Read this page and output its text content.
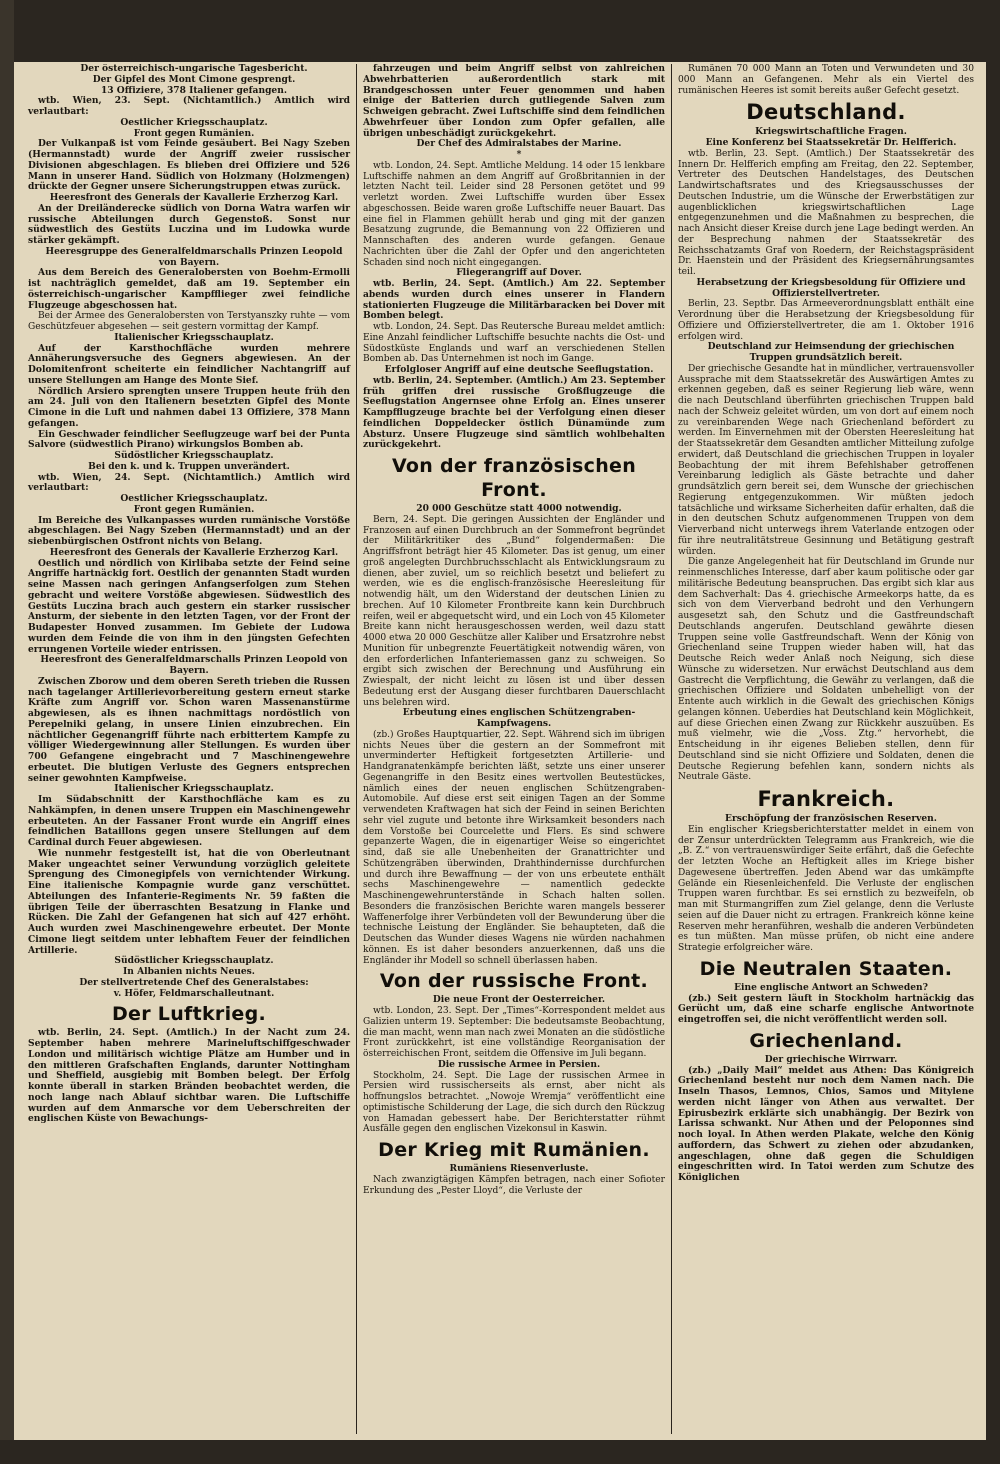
Der österreichisch-ungarische Tagesbericht.

Der Gipfel des Mont Cimone gesprengt.

13 Offiziere, 378 Italiener gefangen.

wtb. Wien, 23. Sept. (Nichtamtlich.) Amtlich wird verlautbart:

Oestlicher Kriegsschauplatz.

Front gegen Rumänien.

Der Vulkanpaß ist vom Feinde gesäubert. Bei Nagy Szeben (Hermannstadt) wurde der Angriff zweier russischer Divisionen abgeschlagen. Es blieben drei Offiziere und 526 Mann in unserer Hand. Südlich von Holzmany (Holzmengen) drückte der Gegner unsere Sicherungstruppen etwas zurück.

Heeresfront des Generals der Kavallerie Erzherzog Karl.

An der Dreiländerecke südlich von Dorna Watra warfen wir russische Abteilungen durch Gegenstoß. Sonst nur südwestlich des Gestüts Luczina und im Ludowka wurde stärker gekämpft.

Heeresgruppe des Generalfeldmarschalls Prinzen Leopold von Bayern.

Aus dem Bereich des Generalobersten von Boehm-Ermolli ist nachträglich gemeldet, daß am 19. September ein österreichisch-ungarischer Kampfflieger zwei feindliche Flugzeuge abgeschossen hat.

Bei der Armee des Generalobersten von Terstyanszky ruhte — vom Geschützfeuer abgesehen — seit gestern vormittag der Kampf.

Italienischer Kriegsschauplatz.

Auf der Karsthochfläche wurden mehrere Annäherungsversuche des Gegners abgewiesen. An der Dolomitenfront scheiterte ein feindlicher Nachtangriff auf unsere Stellungen am Hange des Monte Sief.

Nördlich Arsiero sprengten unsere Truppen heute früh den am 24. Juli von den Italienern besetzten Gipfel des Monte Cimone in die Luft und nahmen dabei 13 Offiziere, 378 Mann gefangen.

Ein Geschwader feindlicher Seeflugzeuge warf bei der Punta Salvore (südwestlich Pirano) wirkungslos Bomben ab.

Südöstlicher Kriegsschauplatz.

Bei den k. und k. Truppen unverändert.

wtb. Wien, 24. Sept. (Nichtamtlich.) Amtlich wird verlautbart:

Oestlicher Kriegsschauplatz.

Front gegen Rumänien.

Im Bereiche des Vulkanpasses wurden rumänische Vorstöße abgeschlagen. Bei Nagy Szeben (Hermannstadt) und an der siebenbürgischen Ostfront nichts von Belang.

Heeresfront des Generals der Kavallerie Erzherzog Karl.

Oestlich und nördlich von Kirlibaba setzte der Feind seine Angriffe hartnäckig fort. Oestlich der genannten Stadt wurden seine Massen nach geringen Anfangserfolgen zum Stehen gebracht und weitere Vorstöße abgewiesen. Südwestlich des Gestüts Luczina brach auch gestern ein starker russischer Ansturm, der siebente in den letzten Tagen, vor der Front der Budapester Honved zusammen. Im Gebiete der Ludowa wurden dem Feinde die von ihm in den jüngsten Gefechten errungenen Vorteile wieder entrissen.

Heeresfront des Generalfeldmarschalls Prinzen Leopold von Bayern.

Zwischen Zborow und dem oberen Sereth trieben die Russen nach tagelanger Artillerievorbereitung gestern erneut starke Kräfte zum Angriff vor. Schon waren Massenanstürme abgewiesen, als es ihnen nachmittags nordöstlich von Perepelniki gelang, in unsere Linien einzubrechen. Ein nächtlicher Gegenangriff führte nach erbittertem Kampfe zu völliger Wiedergewinnung aller Stellungen. Es wurden über 700 Gefangene eingebracht und 7 Maschinengewehre erbeutet. Die blutigen Verluste des Gegners entsprechen seiner gewohnten Kampfweise.

Italienischer Kriegsschauplatz.

Im Südabschnitt der Karsthochfläche kam es zu Nahkämpfen, in denen unsere Truppen ein Maschinengewehr erbeuteten. An der Fassaner Front wurde ein Angriff eines feindlichen Bataillons gegen unsere Stellungen auf dem Cardinal durch Feuer abgewiesen.

Wie nunmehr festgestellt ist, hat die von Oberleutnant Maker ungeachtet seiner Verwundung vorzüglich geleitete Sprengung des Cimonegipfels von vernichtender Wirkung. Eine italienische Kompagnie wurde ganz verschüttet. Abteilungen des Infanterie-Regiments Nr. 59 faßten die übrigen Teile der überraschten Besatzung in Flanke und Rücken. Die Zahl der Gefangenen hat sich auf 427 erhöht. Auch wurden zwei Maschinengewehre erbeutet. Der Monte Cimone liegt seitdem unter lebhaftem Feuer der feindlichen Artillerie.

Südöstlicher Kriegsschauplatz.

In Albanien nichts Neues.

Der stellvertretende Chef des Generalstabes:

v. Höfer, Feldmarschalleutnant.

Der Luftkrieg.

wtb. Berlin, 24. Sept. (Amtlich.) In der Nacht zum 24. September haben mehrere Marineluftschiffgeschwader London und militärisch wichtige Plätze am Humber und in den mittleren Grafschaften Englands, darunter Nottingham und Sheffield, ausgiebig mit Bomben belegt. Der Erfolg konnte überall in starken Bränden beobachtet werden, die noch lange nach Ablauf sichtbar waren. Die Luftschiffe wurden auf dem Anmarsche vor dem Ueberschreiten der englischen Küste von Bewachungs-

fahrzeugen und beim Angriff selbst von zahlreichen Abwehrbatterien außerordentlich stark mit Brandgeschossen unter Feuer genommen und haben einige der Batterien durch gutliegende Salven zum Schweigen gebracht. Zwei Luftschiffe sind dem feindlichen Abwehrfeuer über London zum Opfer gefallen, alle übrigen unbeschädigt zurückgekehrt.

Der Chef des Admiralstabes der Marine.

*

wtb. London, 24. Sept. Amtliche Meldung. 14 oder 15 lenkbare Luftschiffe nahmen an dem Angriff auf Großbritannien in der letzten Nacht teil. Leider sind 28 Personen getötet und 99 verletzt worden. Zwei Luftschiffe wurden über Essex abgeschossen. Beide waren große Luftschiffe neuer Bauart. Das eine fiel in Flammen gehüllt herab und ging mit der ganzen Besatzung zugrunde, die Bemannung von 22 Offizieren und Mannschaften des anderen wurde gefangen. Genaue Nachrichten über die Zahl der Opfer und den angerichteten Schaden sind noch nicht eingegangen.

Fliegerangriff auf Dover.

wtb. Berlin, 24. Sept. (Amtlich.) Am 22. September abends wurden durch eines unserer in Flandern stationierten Flugzeuge die Militärbaracken bei Dover mit Bomben belegt.

wtb. London, 24. Sept. Das Reutersche Bureau meldet amtlich: Eine Anzahl feindlicher Luftschiffe besuchte nachts die Ost- und Südostküste Englands und warf an verschiedenen Stellen Bomben ab. Das Unternehmen ist noch im Gange.

Erfolgloser Angriff auf eine deutsche Seeflugstation.

wtb. Berlin, 24. September. (Amtlich.) Am 23. September früh griffen drei russische Großflugzeuge die Seeflugstation Angernsee ohne Erfolg an. Eines unserer Kampfflugzeuge brachte bei der Verfolgung einen dieser feindlichen Doppeldecker östlich Dünamünde zum Absturz. Unsere Flugzeuge sind sämtlich wohlbehalten zurückgekehrt.

Von der französischen Front.

20 000 Geschütze statt 4000 notwendig.

Bern, 24. Sept. Die geringen Aussichten der Engländer und Franzosen auf einen Durchbruch an der Sommefront begründet der Militärkritiker des „Bund“ folgendermaßen: Die Angriffsfront beträgt hier 45 Kilometer. Das ist genug, um einer groß angelegten Durchbruchsschlacht als Entwicklungsraum zu dienen, aber zuviel, um so reichlich besetzt und beliefert zu werden, wie es die englisch-französische Heeresleitung für notwendig hält, um den Widerstand der deutschen Linien zu brechen. Auf 10 Kilometer Frontbreite kann kein Durchbruch reifen, weil er abgequetscht wird, und ein Loch von 45 Kilometer Breite kann nicht herausgeschossen werden, weil dazu statt 4000 etwa 20 000 Geschütze aller Kaliber und Ersatzrohre nebst Munition für unbegrenzte Feuertätigkeit notwendig wären, von den erforderlichen Infanteriemassen ganz zu schweigen. So ergibt sich zwischen der Berechnung und Ausführung ein Zwiespalt, der nicht leicht zu lösen ist und über dessen Bedeutung erst der Ausgang dieser furchtbaren Dauerschlacht uns belehren wird.

Erbeutung eines englischen Schützengraben-Kampfwagens.

(zb.) Großes Hauptquartier, 22. Sept. Während sich im übrigen nichts Neues über die gestern an der Sommefront mit unverminderter Heftigkeit fortgesetzten Artillerie- und Handgranatenkämpfe berichten läßt, setzte uns einer unserer Gegenangriffe in den Besitz eines wertvollen Beutestückes, nämlich eines der neuen englischen Schützengraben-Automobile. Auf diese erst seit einigen Tagen an der Somme verwendeten Kraftwagen hat sich der Feind in seinen Berichten sehr viel zugute und betonte ihre Wirksamkeit besonders nach dem Vorstoße bei Courcelette und Flers. Es sind schwere gepanzerte Wagen, die in eigenartiger Weise so eingerichtet sind, daß sie alle Unebenheiten der Granattrichter und Schützengräben überwinden, Drahthindernisse durchfurchen und durch ihre Bewaffnung — der von uns erbeutete enthält sechs Maschinengewehre — namentlich gedeckte Maschinengewehrunterstände in Schach halten sollen. Besonders die französischen Berichte waren mangels besserer Waffenerfolge ihrer Verbündeten voll der Bewunderung über die technische Leistung der Engländer. Sie behaupteten, daß die Deutschen das Wunder dieses Wagens nie würden nachahmen können. Es ist daher besonders anzuerkennen, daß uns die Engländer ihr Modell so schnell überlassen haben.

Von der russische Front.

Die neue Front der Oesterreicher.

wtb. London, 23. Sept. Der „Times“-Korrespondent meldet aus Galizien unterm 19. September: Die bedeutsamste Beobachtung, die man macht, wenn man nach zwei Monaten an die südöstliche Front zurückkehrt, ist eine vollständige Reorganisation der österreichischen Front, seitdem die Offensive im Juli begann.

Die russische Armee in Persien.

Stockholm, 24. Sept. Die Lage der russischen Armee in Persien wird russischerseits als ernst, aber nicht als hoffnungslos betrachtet. „Nowoje Wremja“ veröffentlicht eine optimistische Schilderung der Lage, die sich durch den Rückzug von Hamadan gebessert habe. Der Berichterstatter rühmt Ausfälle gegen den englischen Vizekonsul in Kaswin.

Der Krieg mit Rumänien.

Rumäniens Riesenverluste.

Nach zwanzigtägigen Kämpfen betragen, nach einer Sofioter Erkundung des „Pester Lloyd“, die Verluste der

Rumänen 70 000 Mann an Toten und Verwundeten und 30 000 Mann an Gefangenen. Mehr als ein Viertel des rumänischen Heeres ist somit bereits außer Gefecht gesetzt.

Deutschland.

Kriegswirtschaftliche Fragen.

Eine Konferenz bei Staatssekretär Dr. Helfferich.

wtb. Berlin, 23. Sept. (Amtlich.) Der Staatssekretär des Innern Dr. Helfferich empfing am Freitag, den 22. September, Vertreter des Deutschen Handelstages, des Deutschen Landwirtschaftsrates und des Kriegsausschusses der Deutschen Industrie, um die Wünsche der Erwerbstätigen zur augenblicklichen kriegswirtschaftlichen Lage entgegenzunehmen und die Maßnahmen zu besprechen, die nach Ansicht dieser Kreise durch jene Lage bedingt werden. An der Besprechung nahmen der Staatssekretär des Reichsschatzamts Graf von Roedern, der Reichstagspräsident Dr. Haenstein und der Präsident des Kriegsernährungsamtes teil.

Herabsetzung der Kriegsbesoldung für Offiziere und Offizierstellvertreter.

Berlin, 23. Septbr. Das Armeeverordnungsblatt enthält eine Verordnung über die Herabsetzung der Kriegsbesoldung für Offiziere und Offizierstellvertreter, die am 1. Oktober 1916 erfolgen wird.

Deutschland zur Heimsendung der griechischen Truppen grundsätzlich bereit.

Der griechische Gesandte hat in mündlicher, vertrauensvoller Aussprache mit dem Staatssekretär des Auswärtigen Amtes zu erkennen gegeben, daß es seiner Regierung lieb wäre, wenn die nach Deutschland überführten griechischen Truppen bald nach der Schweiz geleitet würden, um von dort auf einem noch zu vereinbarenden Wege nach Griechenland befördert zu werden. Im Einvernehmen mit der Obersten Heeresleitung hat der Staatssekretär dem Gesandten amtlicher Mitteilung zufolge erwidert, daß Deutschland die griechischen Truppen in loyaler Beobachtung der mit ihrem Befehlshaber getroffenen Vereinbarung lediglich als Gäste betrachte und daher grundsätzlich gern bereit sei, dem Wunsche der griechischen Regierung entgegenzukommen. Wir müßten jedoch tatsächliche und wirksame Sicherheiten dafür erhalten, daß die in den deutschen Schutz aufgenommenen Truppen von dem Vierverband nicht unterwegs ihrem Vaterlande entzogen oder für ihre neutralitätstreue Gesinnung und Betätigung gestraft würden.

Die ganze Angelegenheit hat für Deutschland im Grunde nur reinmenschliches Interesse, darf aber kaum politische oder gar militärische Bedeutung beanspruchen. Das ergibt sich klar aus dem Sachverhalt: Das 4. griechische Armeekorps hatte, da es sich von dem Vierverband bedroht und den Verhungern ausgesetzt sah, den Schutz und die Gastfreundschaft Deutschlands angerufen. Deutschland gewährte diesen Truppen seine volle Gastfreundschaft. Wenn der König von Griechenland seine Truppen wieder haben will, hat das Deutsche Reich weder Anlaß noch Neigung, sich diese Wünsche zu widersetzen. Nur erwächst Deutschland aus dem Gastrecht die Verpflichtung, die Gewähr zu verlangen, daß die griechischen Offiziere und Soldaten unbehelligt von der Entente auch wirklich in die Gewalt des griechischen Königs gelangen können. Ueberdies hat Deutschland kein Möglichkeit, auf diese Griechen einen Zwang zur Rückkehr auszuüben. Es muß vielmehr, wie die „Voss. Ztg.“ hervorhebt, die Entscheidung in ihr eigenes Belieben stellen, denn für Deutschland sind sie nicht Offiziere und Soldaten, denen die Deutsche Regierung befehlen kann, sondern nichts als Neutrale Gäste.

Frankreich.

Erschöpfung der französischen Reserven.

Ein englischer Kriegsberichterstatter meldet in einem von der Zensur unterdrückten Telegramm aus Frankreich, wie die „B. Z.“ von vertrauenswürdiger Seite erfährt, daß die Gefechte der letzten Woche an Heftigkeit alles im Kriege bisher Dagewesene übertreffen. Jeden Abend war das umkämpfte Gelände ein Riesenleichenfeld. Die Verluste der englischen Truppen waren furchtbar. Es sei ernstlich zu bezweifeln, ob man mit Sturmangriffen zum Ziel gelange, denn die Verluste seien auf die Dauer nicht zu ertragen. Frankreich könne keine Reserven mehr heranführen, weshalb die anderen Verbündeten es tun müßten. Man müsse prüfen, ob nicht eine andere Strategie erfolgreicher wäre.

Die Neutralen Staaten.

Eine englische Antwort an Schweden?

(zb.) Seit gestern läuft in Stockholm hartnäckig das Gerücht um, daß eine scharfe englische Antwortnote eingetroffen sei, die nicht veröffentlicht werden soll.

Griechenland.

Der griechische Wirrwarr.

(zb.) „Daily Mail“ meldet aus Athen: Das Königreich Griechenland besteht nur noch dem Namen nach. Die Inseln Thasos, Lemnos, Chios, Samos und Mitylene werden nicht länger von Athen aus verwaltet. Der Epirusbezirk erklärte sich unabhängig. Der Bezirk von Larissa schwankt. Nur Athen und der Peloponnes sind noch loyal. In Athen werden Plakate, welche den König auffordern, das Schwert zu ziehen oder abzudanken, angeschlagen, ohne daß gegen die Schuldigen eingeschritten wird. In Tatoi werden zum Schutze des Königlichen
